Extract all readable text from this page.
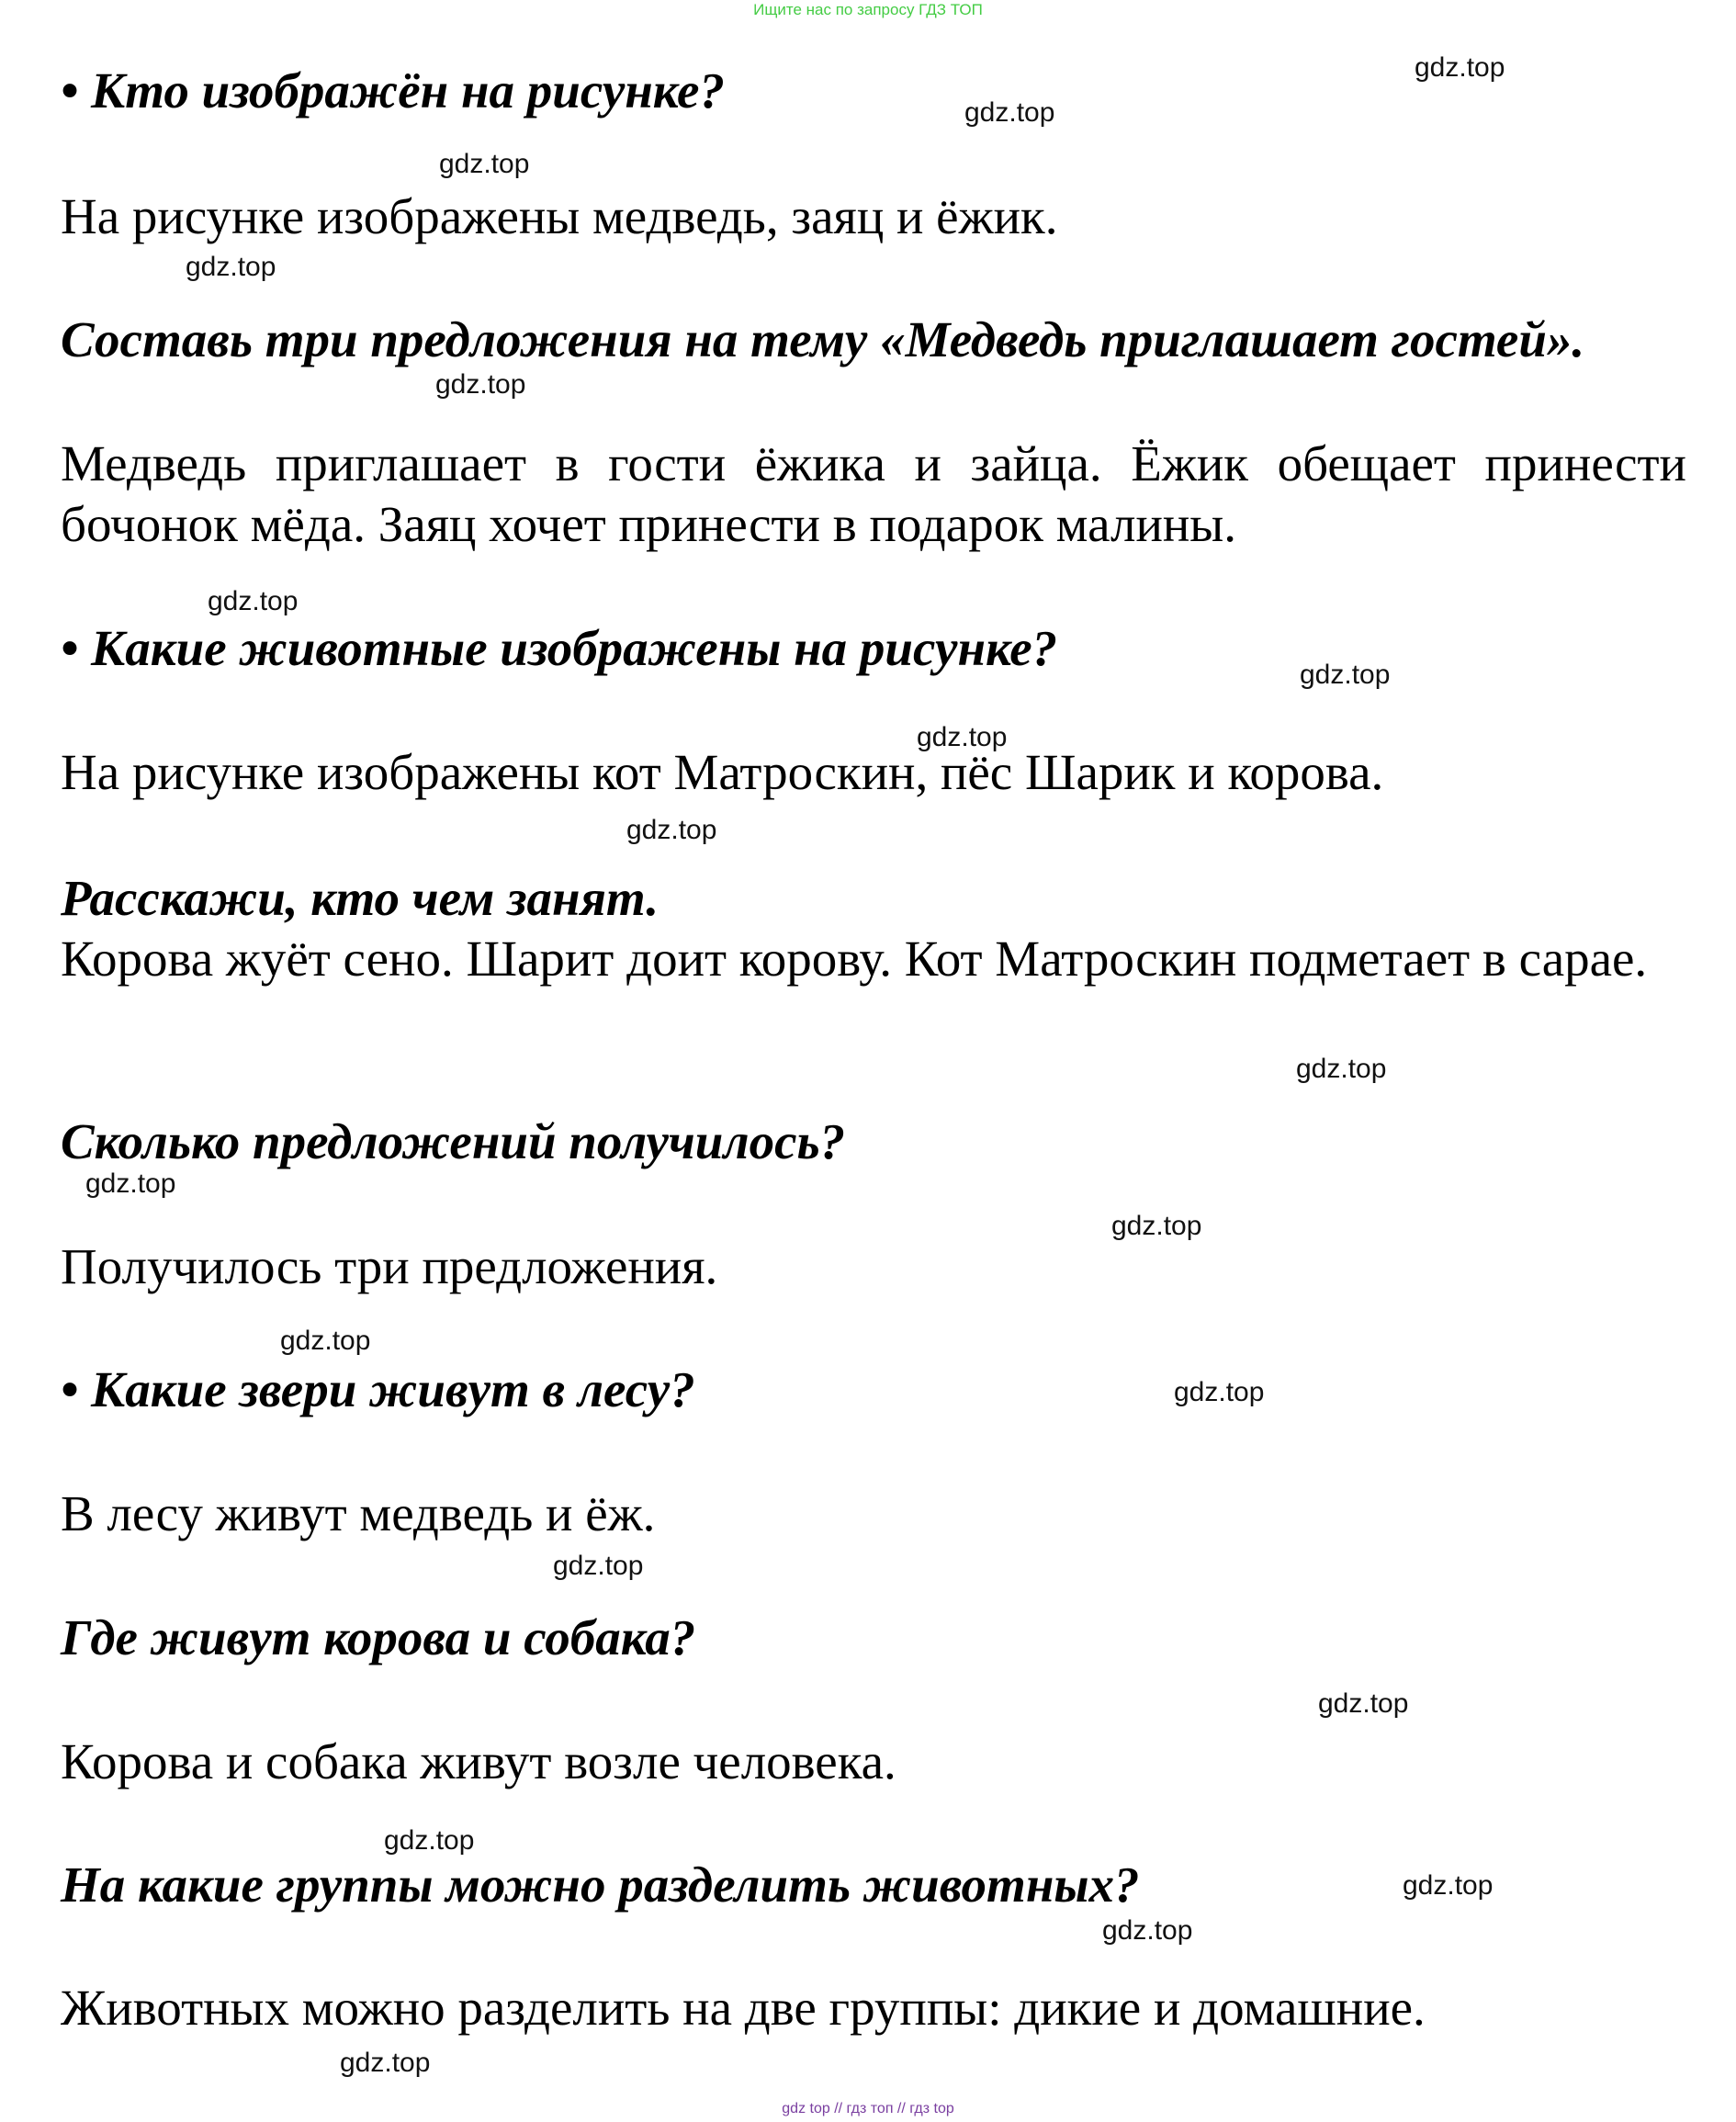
Ищите нас по запросу ГДЗ ТОП
• Кто изображён на рисунке?
На рисунке изображены медведь, заяц и ёжик.
Составь три предложения на тему «Медведь приглашает гостей».
Медведь приглашает в гости ёжика и зайца. Ёжик обещает принести бочонок мёда. Заяц хочет принести в подарок малины.
• Какие животные изображены на рисунке?
На рисунке изображены кот Матроскин, пёс Шарик и корова.
Расскажи, кто чем занят.
Корова жуёт сено. Шарит доит корову. Кот Матроскин подметает в сарае.
Сколько предложений получилось?
Получилось три предложения.
• Какие звери живут в лесу?
В лесу живут медведь и ёж.
Где живут корова и собака?
Корова и собака живут возле человека.
На какие группы можно разделить животных?
Животных можно разделить на две группы: дикие и домашние.
gdz.top
gdz.top
gdz.top
gdz.top
gdz.top
gdz.top
gdz.top
gdz.top
gdz.top
gdz.top
gdz.top
gdz.top
gdz.top
gdz.top
gdz.top
gdz.top
gdz.top
gdz.top
gdz.top
gdz.top
gdz top // гдз топ // гдз top
